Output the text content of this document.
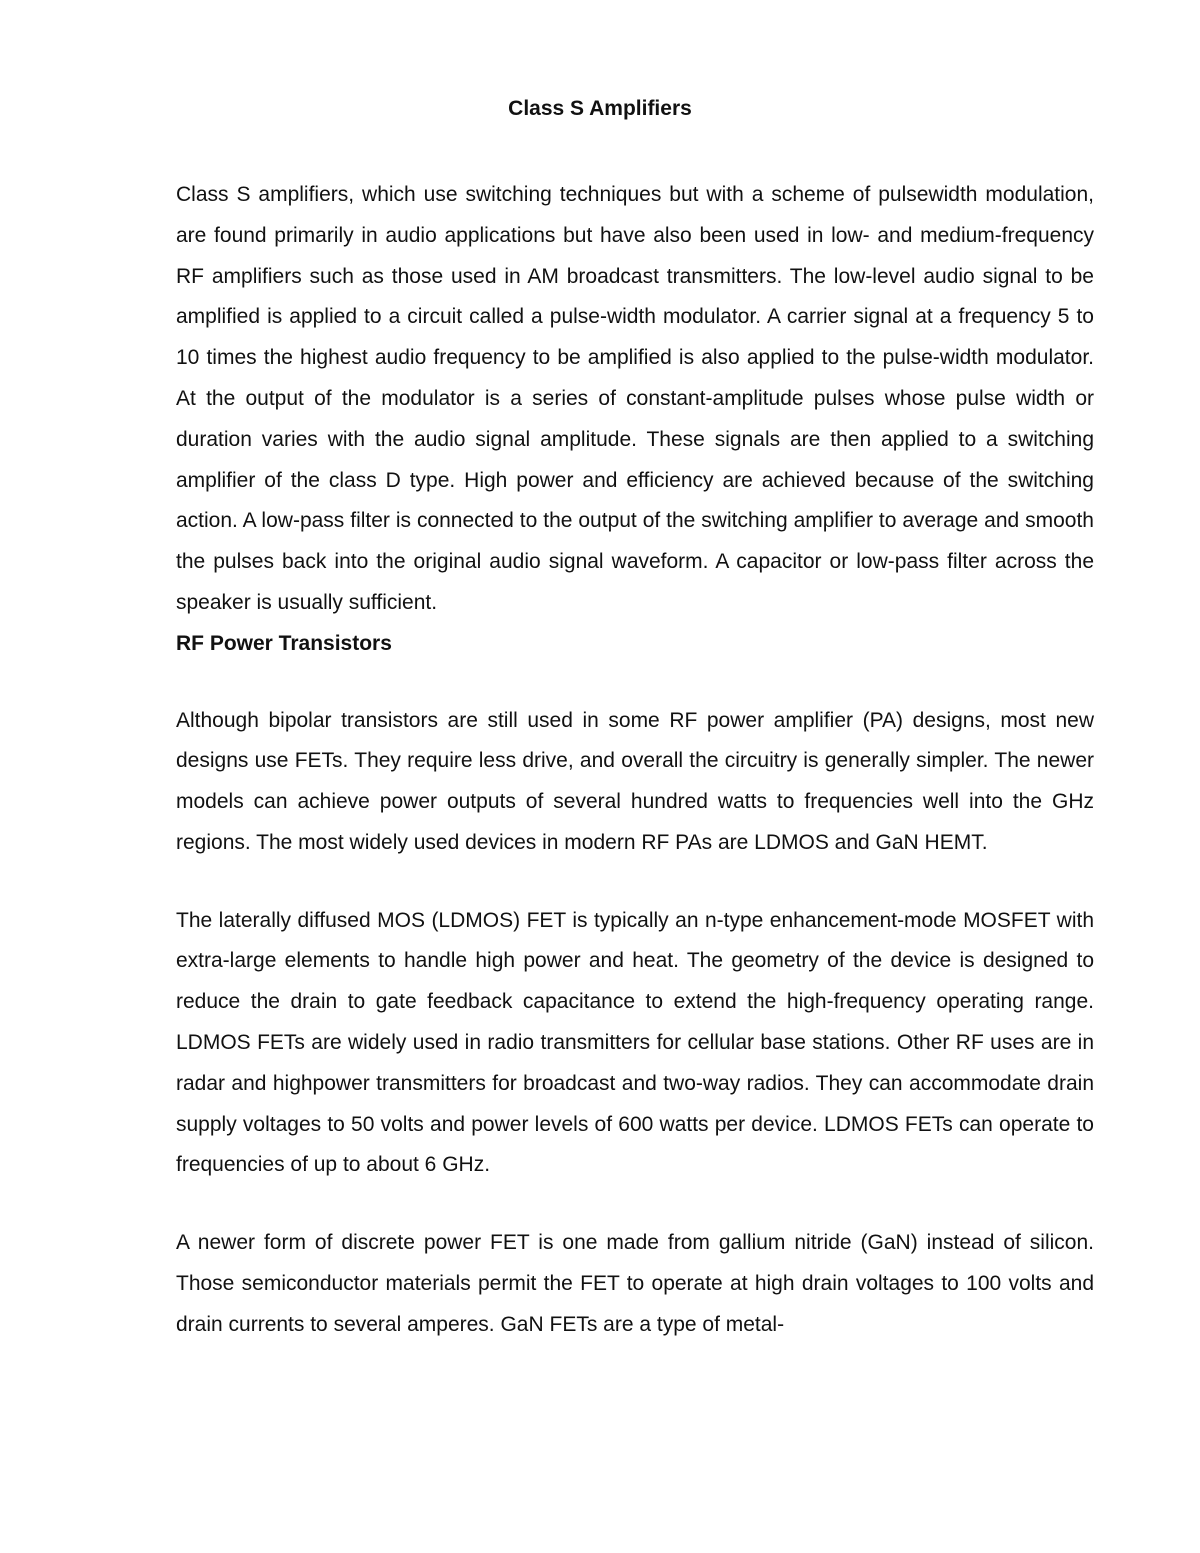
Class S Amplifiers

Class S amplifiers, which use switching techniques but with a scheme of pulsewidth modulation, are found primarily in audio applications but have also been used in low- and medium-frequency RF amplifiers such as those used in AM broadcast transmitters. The low-level audio signal to be amplified is applied to a circuit called a pulse-width modulator. A carrier signal at a frequency 5 to 10 times the highest audio frequency to be amplified is also applied to the pulse-width modulator. At the output of the modulator is a series of constant-amplitude pulses whose pulse width or duration varies with the audio signal amplitude. These signals are then applied to a switching amplifier of the class D type. High power and efficiency are achieved because of the switching action. A low-pass filter is connected to the output of the switching amplifier to average and smooth the pulses back into the original audio signal waveform. A capacitor or low-pass filter across the speaker is usually sufficient.

RF Power Transistors

Although bipolar transistors are still used in some RF power amplifier (PA) designs, most new designs use FETs. They require less drive, and overall the circuitry is generally simpler. The newer models can achieve power outputs of several hundred watts to frequencies well into the GHz regions. The most widely used devices in modern RF PAs are LDMOS and GaN HEMT.

The laterally diffused MOS (LDMOS) FET is typically an n-type enhancement-mode MOSFET with extra-large elements to handle high power and heat. The geometry of the device is designed to reduce the drain to gate feedback capacitance to extend the high-frequency operating range. LDMOS FETs are widely used in radio transmitters for cellular base stations. Other RF uses are in radar and highpower transmitters for broadcast and two-way radios. They can accommodate drain supply voltages to 50 volts and power levels of 600 watts per device. LDMOS FETs can operate to frequencies of up to about 6 GHz.

A newer form of discrete power FET is one made from gallium nitride (GaN) instead of silicon. Those semiconductor materials permit the FET to operate at high drain voltages to 100 volts and drain currents to several amperes. GaN FETs are a type of metal-
